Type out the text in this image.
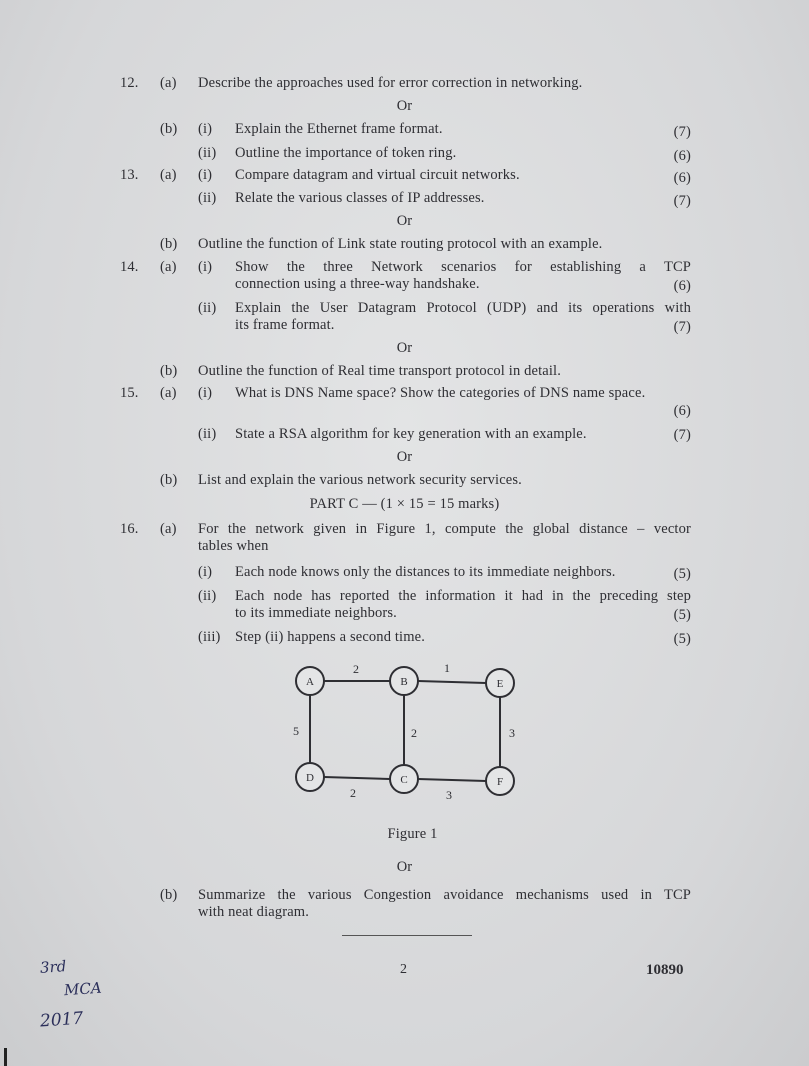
12. (a) Describe the approaches used for error correction in networking.
Or
(b) (i) Explain the Ethernet frame format.	(7)
(ii) Outline the importance of token ring.	(6)
13. (a) (i) Compare datagram and virtual circuit networks.	(6)
(ii) Relate the various classes of IP addresses.	(7)
Or
(b) Outline the function of Link state routing protocol with an example.
14. (a) (i) Show the three Network scenarios for establishing a TCP
connection using a three-way handshake.	(6)
(ii) Explain the User Datagram Protocol (UDP) and its operations with
its frame format.	(7)
Or
(b) Outline the function of Real time transport protocol in detail.
15. (a) (i) What is DNS Name space? Show the categories of DNS name space.
(6)
(ii) State a RSA algorithm for key generation with an example.	(7)
Or
(b) List and explain the various network security services.
PART C — (1 × 15 = 15 marks)
16. (a) For the network given in Figure 1, compute the global distance – vector
tables when
(i) Each node knows only the distances to its immediate neighbors.	(5)
(ii) Each node has reported the information it had in the preceding step
to its immediate neighbors.	(5)
(iii) Step (ii) happens a second time.	(5)
A	B	E
D	C	F
2	1
5	2	3
2	3
Figure 1
Or
(b) Summarize the various Congestion avoidance mechanisms used in TCP
with neat diagram.
2	10890
3rd
MCA
2017
